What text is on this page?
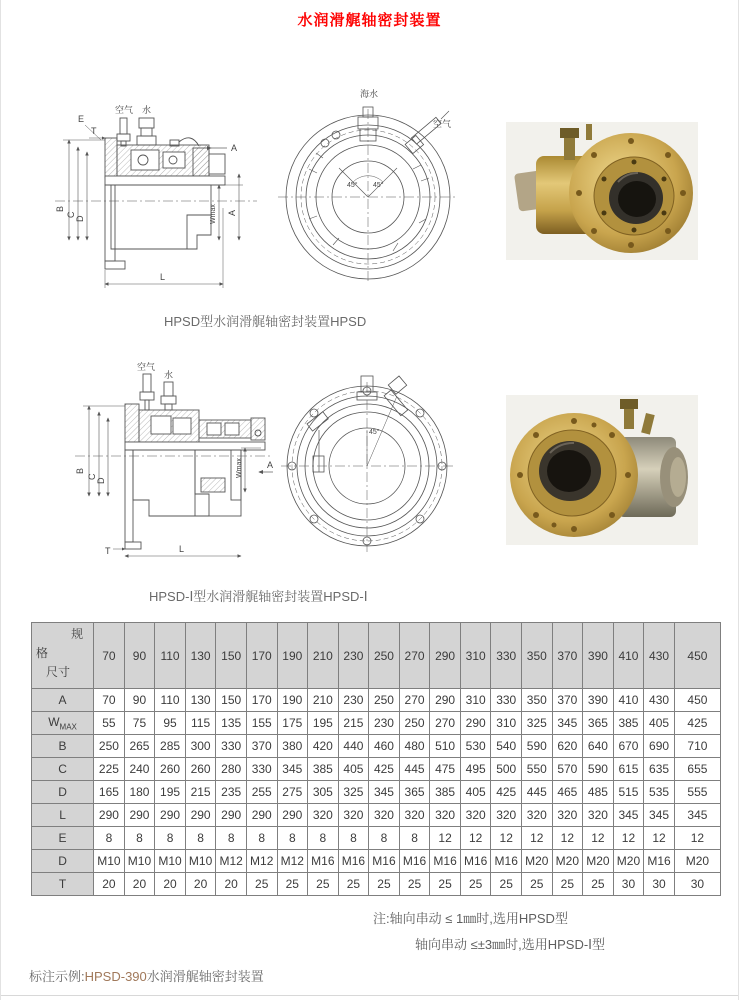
水润滑艉轴密封装置
空气 水
E
T
A
B
C
D	Wmax A
L
海水
空气
45° 45°
HPSD型水润滑艉轴密封装置HPSD
空气
水
B
C
D
Wmax	A
T	L
45°
HPSD-Ⅰ型水润滑艉轴密封装置HPSD-Ⅰ
规
格
尺寸	70	90	110	130	150	170	190	210	230	250	270	290	310	330	350	370	390	410	430	450
A	70	90	110	130	150	170	190	210	230	250	270	290	310	330	350	370	390	410	430	450
$W_{MAX}$	55	75	95	115	135	155	175	195	215	230	250	270	290	310	325	345	365	385	405	425
B	250	265	285	300	330	370	380	420	440	460	480	510	530	540	590	620	640	670	690	710
C	225	240	260	260	280	330	345	385	405	425	445	475	495	500	550	570	590	615	635	655
D	165	180	195	215	235	255	275	305	325	345	365	385	405	425	445	465	485	515	535	555
L	290	290	290	290	290	290	290	320	320	320	320	320	320	320	320	320	320	345	345	345
E	8	8	8	8	8	8	8	8	8	8	8	12	12	12	12	12	12	12	12	12
D	M10	M10	M10	M10	M12	M12	M12	M16	M16	M16	M16	M16	M16	M16	M20	M20	M20	M20	M16	M20
T	20	20	20	20	20	25	25	25	25	25	25	25	25	25	25	25	25	30	30	30
注:轴向串动 ≤ 1㎜时,选用HPSD型
轴向串动 ≤±3㎜时,选用HPSD-Ⅰ型
标注示例:HPSD-390水润滑艉轴密封装置
